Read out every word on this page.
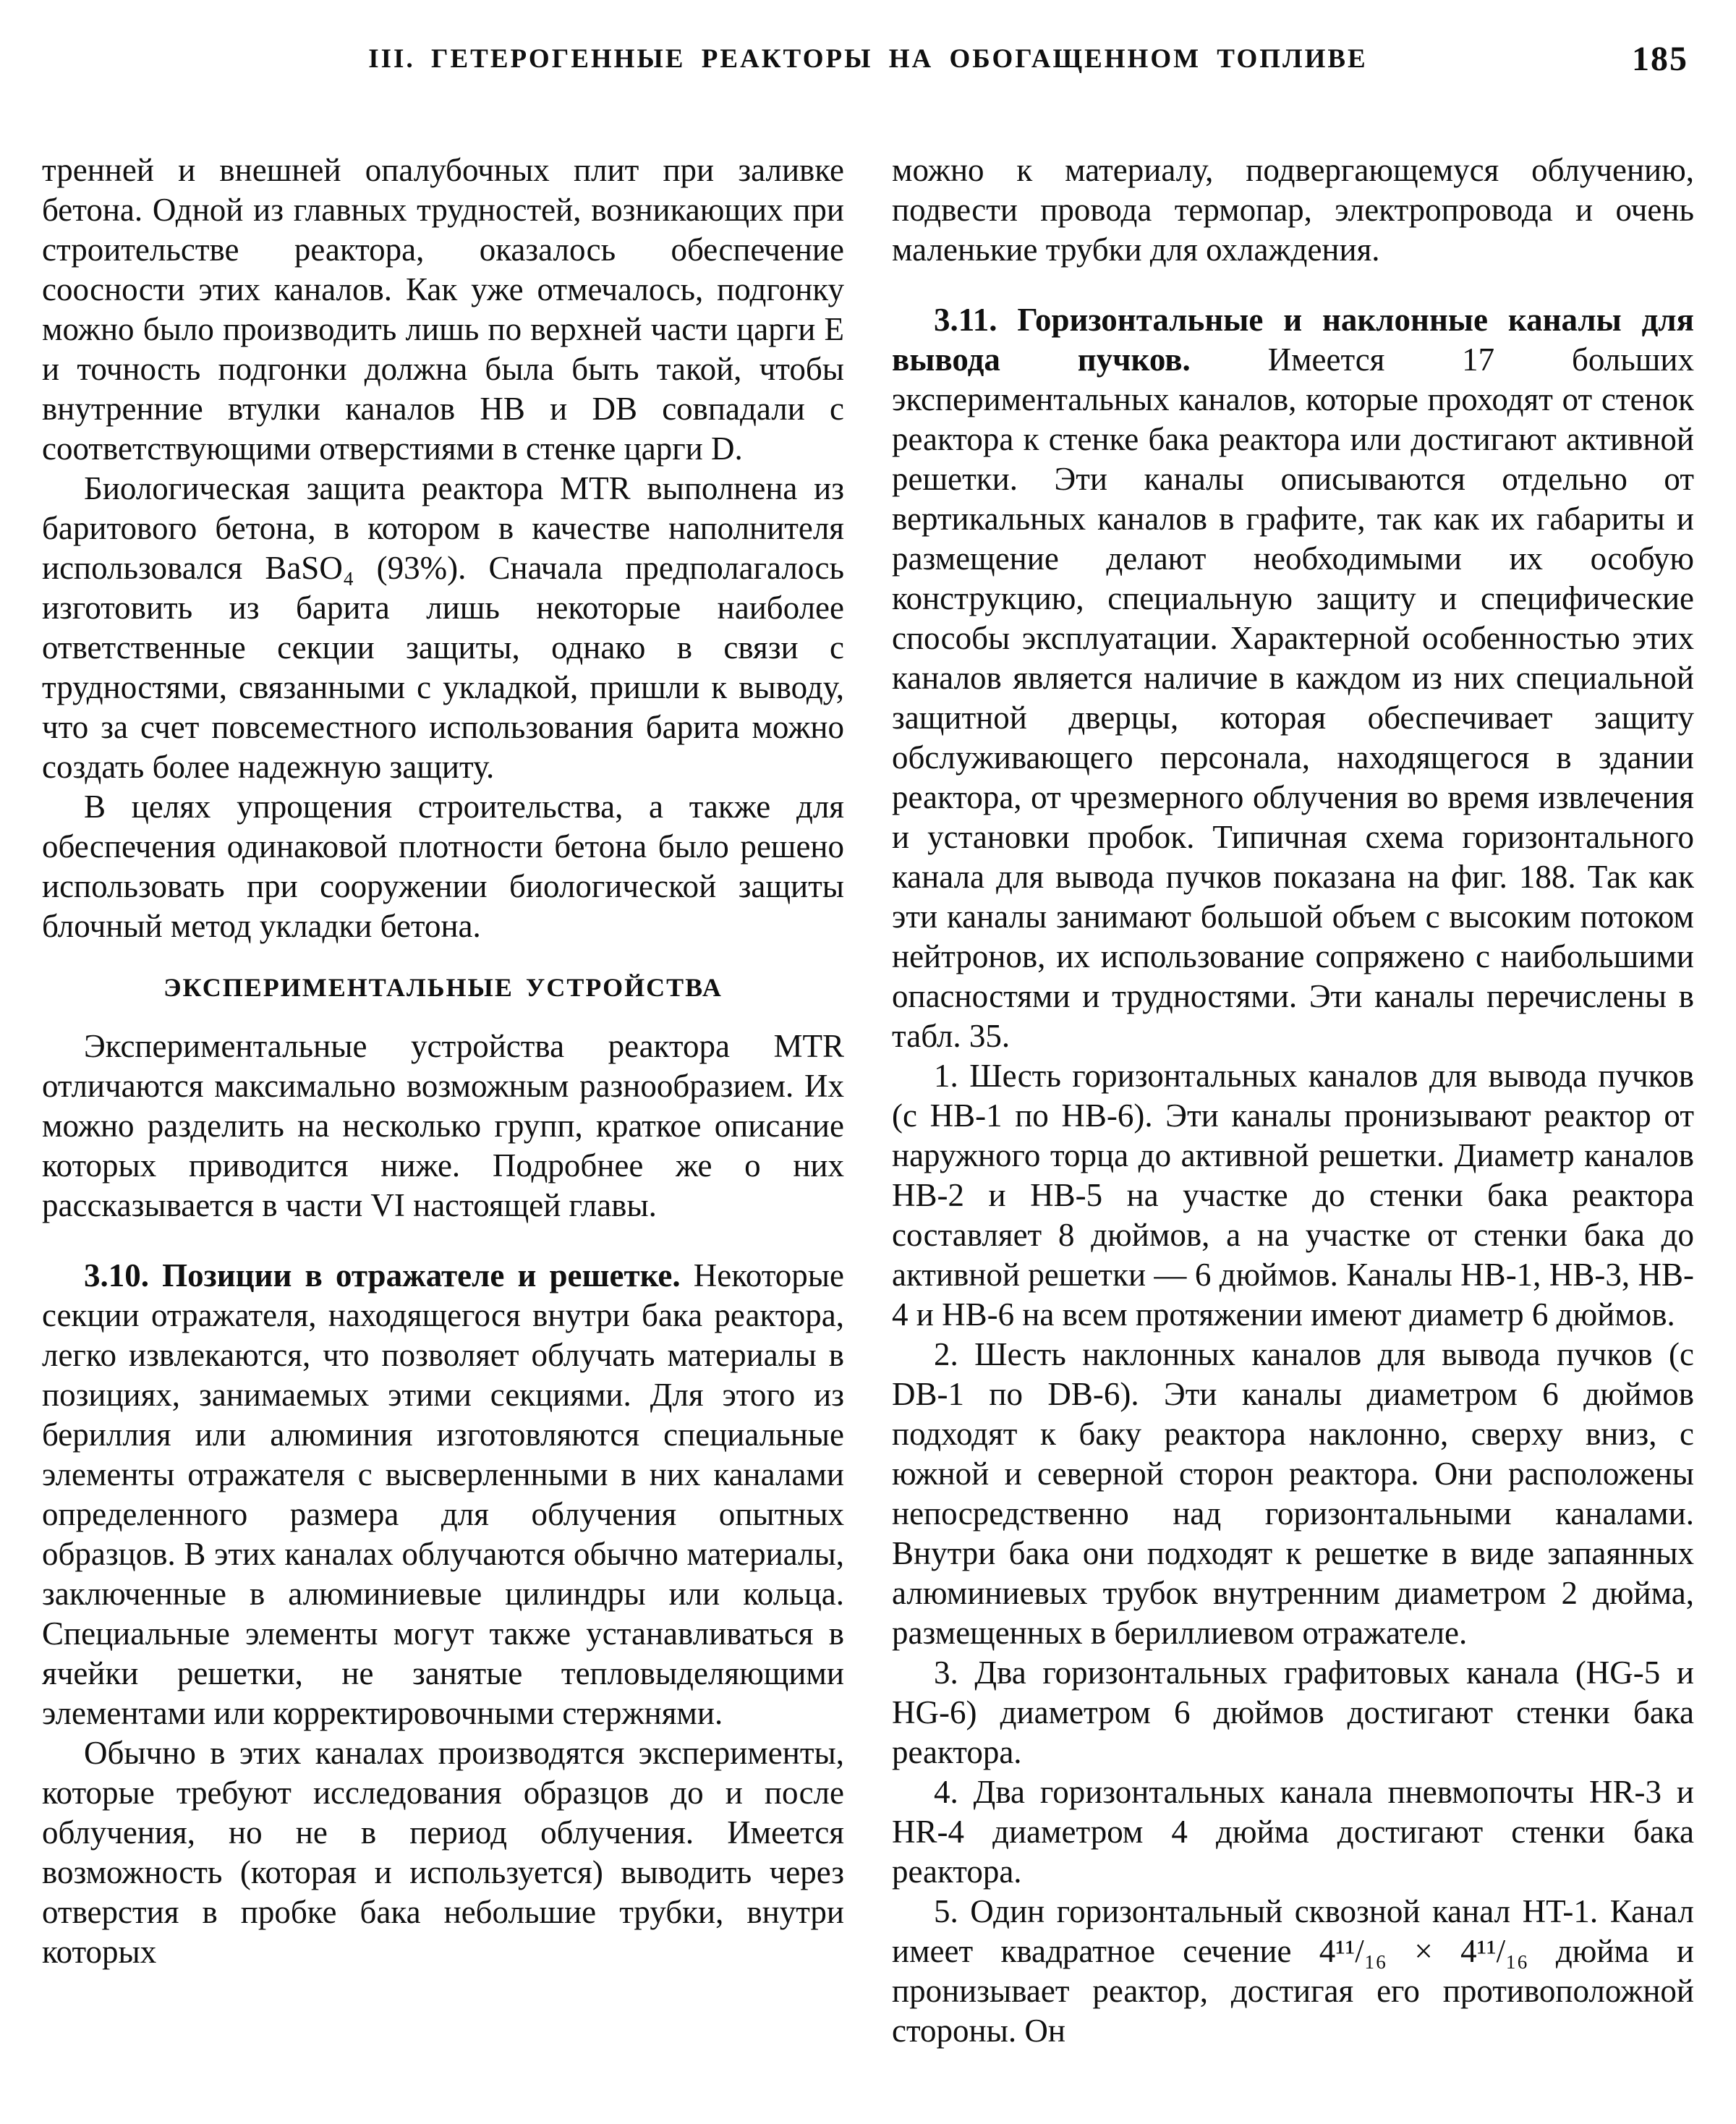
III. ГЕТЕРОГЕННЫЕ РЕАКТОРЫ НА ОБОГАЩЕННОМ ТОПЛИВЕ	185

тренней и внешней опалубочных плит при заливке бетона. Одной из главных трудностей, возникающих при строительстве реактора, оказалось обеспечение соосности этих каналов. Как уже отмечалось, подгонку можно было производить лишь по верхней части царги E и точность подгонки должна была быть такой, чтобы внутренние втулки каналов HB и DB совпадали с соответствующими отверстиями в стенке царги D.

Биологическая защита реактора MTR выполнена из баритового бетона, в котором в качестве наполнителя использовался BaSO₄ (93%). Сначала предполагалось изготовить из барита лишь некоторые наиболее ответственные секции защиты, однако в связи с трудностями, связанными с укладкой, пришли к выводу, что за счет повсеместного использования барита можно создать более надежную защиту.

В целях упрощения строительства, а также для обеспечения одинаковой плотности бетона было решено использовать при сооружении биологической защиты блочный метод укладки бетона.

ЭКСПЕРИМЕНТАЛЬНЫЕ УСТРОЙСТВА

Экспериментальные устройства реактора MTR отличаются максимально возможным разнообразием. Их можно разделить на несколько групп, краткое описание которых приводится ниже. Подробнее же о них рассказывается в части VI настоящей главы.

3.10. Позиции в отражателе и решетке. Некоторые секции отражателя, находящегося внутри бака реактора, легко извлекаются, что позволяет облучать материалы в позициях, занимаемых этими секциями. Для этого из бериллия или алюминия изготовляются специальные элементы отражателя с высверленными в них каналами определенного размера для облучения опытных образцов. В этих каналах облучаются обычно материалы, заключенные в алюминиевые цилиндры или кольца. Специальные элементы могут также устанавливаться в ячейки решетки, не занятые тепловыделяющими элементами или корректировочными стержнями.

Обычно в этих каналах производятся эксперименты, которые требуют исследования образцов до и после облучения, но не в период облучения. Имеется возможность (которая и используется) выводить через отверстия в пробке бака небольшие трубки, внутри которых

можно к материалу, подвергающемуся облучению, подвести провода термопар, электропровода и очень маленькие трубки для охлаждения.

3.11. Горизонтальные и наклонные каналы для вывода пучков. Имеется 17 больших экспериментальных каналов, которые проходят от стенок реактора к стенке бака реактора или достигают активной решетки. Эти каналы описываются отдельно от вертикальных каналов в графите, так как их габариты и размещение делают необходимыми их особую конструкцию, специальную защиту и специфические способы эксплуатации. Характерной особенностью этих каналов является наличие в каждом из них специальной защитной дверцы, которая обеспечивает защиту обслуживающего персонала, находящегося в здании реактора, от чрезмерного облучения во время извлечения и установки пробок. Типичная схема горизонтального канала для вывода пучков показана на фиг. 188. Так как эти каналы занимают большой объем с высоким потоком нейтронов, их использование сопряжено с наибольшими опасностями и трудностями. Эти каналы перечислены в табл. 35.

1. Шесть горизонтальных каналов для вывода пучков (с HB-1 по HB-6). Эти каналы пронизывают реактор от наружного торца до активной решетки. Диаметр каналов HB-2 и HB-5 на участке до стенки бака реактора составляет 8 дюймов, а на участке от стенки бака до активной решетки — 6 дюймов. Каналы HB-1, HB-3, HB-4 и HB-6 на всем протяжении имеют диаметр 6 дюймов.

2. Шесть наклонных каналов для вывода пучков (с DB-1 по DB-6). Эти каналы диаметром 6 дюймов подходят к баку реактора наклонно, сверху вниз, с южной и северной сторон реактора. Они расположены непосредственно над горизонтальными каналами. Внутри бака они подходят к решетке в виде запаянных алюминиевых трубок внутренним диаметром 2 дюйма, размещенных в бериллиевом отражателе.

3. Два горизонтальных графитовых канала (HG-5 и HG-6) диаметром 6 дюймов достигают стенки бака реактора.

4. Два горизонтальных канала пневмопочты HR-3 и HR-4 диаметром 4 дюйма достигают стенки бака реактора.

5. Один горизонтальный сквозной канал HT-1. Канал имеет квадратное сечение 4¹¹/₁₆ × 4¹¹/₁₆ дюйма и пронизывает реактор, достигая его противоположной стороны. Он
